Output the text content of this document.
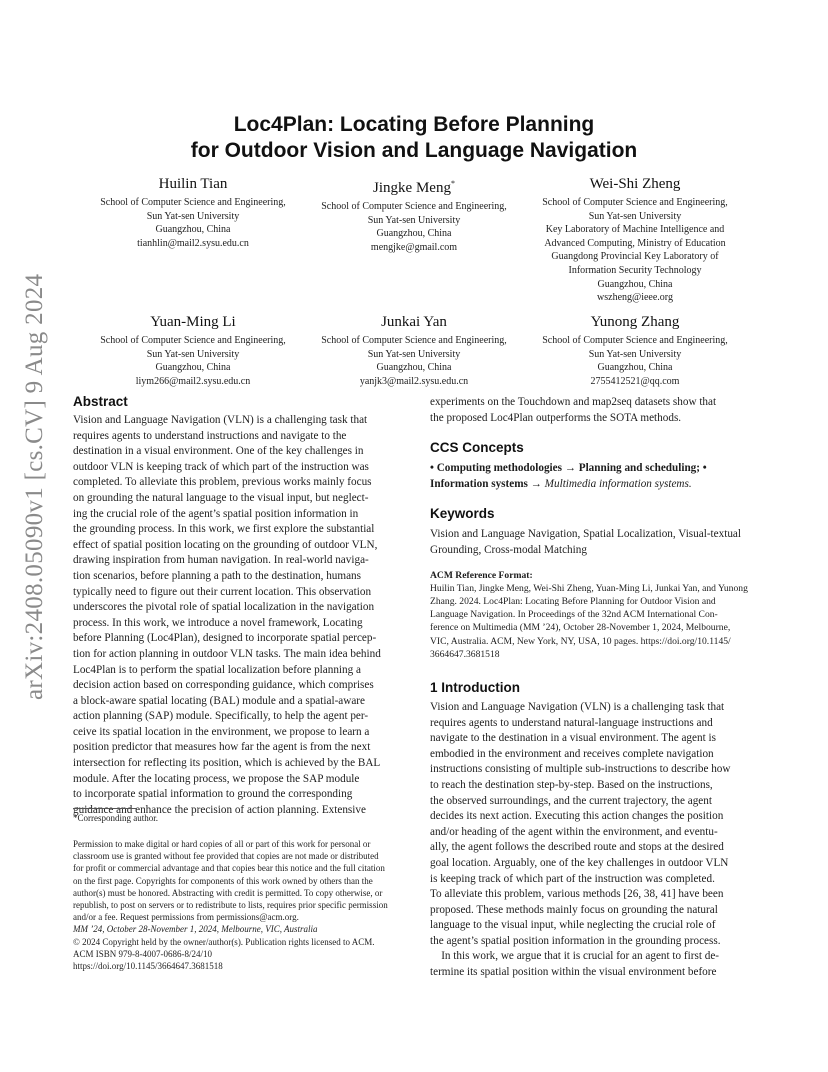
arXiv:2408.05090v1 [cs.CV] 9 Aug 2024
Loc4Plan: Locating Before Planning
for Outdoor Vision and Language Navigation
Huilin Tian
School of Computer Science and Engineering,
Sun Yat-sen University
Guangzhou, China
tianhlin@mail2.sysu.edu.cn
Jingke Meng*
School of Computer Science and Engineering,
Sun Yat-sen University
Guangzhou, China
mengjke@gmail.com
Wei-Shi Zheng
School of Computer Science and Engineering,
Sun Yat-sen University
Key Laboratory of Machine Intelligence and
Advanced Computing, Ministry of Education
Guangdong Provincial Key Laboratory of
Information Security Technology
Guangzhou, China
wszheng@ieee.org
Yuan-Ming Li
School of Computer Science and Engineering,
Sun Yat-sen University
Guangzhou, China
liym266@mail2.sysu.edu.cn
Junkai Yan
School of Computer Science and Engineering,
Sun Yat-sen University
Guangzhou, China
yanjk3@mail2.sysu.edu.cn
Yunong Zhang
School of Computer Science and Engineering,
Sun Yat-sen University
Guangzhou, China
2755412521@qq.com
Abstract

Vision and Language Navigation (VLN) is a challenging task that

requires agents to understand instructions and navigate to the

destination in a visual environment. One of the key challenges in

outdoor VLN is keeping track of which part of the instruction was

completed. To alleviate this problem, previous works mainly focus

on grounding the natural language to the visual input, but neglect-

ing the crucial role of the agent’s spatial position information in

the grounding process. In this work, we first explore the substantial

effect of spatial position locating on the grounding of outdoor VLN,

drawing inspiration from human navigation. In real-world naviga-

tion scenarios, before planning a path to the destination, humans

typically need to figure out their current location. This observation

underscores the pivotal role of spatial localization in the navigation

process. In this work, we introduce a novel framework, Locating

before Planning (Loc4Plan), designed to incorporate spatial percep-

tion for action planning in outdoor VLN tasks. The main idea behind

Loc4Plan is to perform the spatial localization before planning a

decision action based on corresponding guidance, which comprises

a block-aware spatial locating (BAL) module and a spatial-aware

action planning (SAP) module. Specifically, to help the agent per-

ceive its spatial location in the environment, we propose to learn a

position predictor that measures how far the agent is from the next

intersection for reflecting its position, which is achieved by the BAL

module. After the locating process, we propose the SAP module

to incorporate spatial information to ground the corresponding

guidance and enhance the precision of action planning. Extensive

*Corresponding author.

Permission to make digital or hard copies of all or part of this work for personal or

classroom use is granted without fee provided that copies are not made or distributed

for profit or commercial advantage and that copies bear this notice and the full citation

on the first page. Copyrights for components of this work owned by others than the

author(s) must be honored. Abstracting with credit is permitted. To copy otherwise, or

republish, to post on servers or to redistribute to lists, requires prior specific permission

and/or a fee. Request permissions from permissions@acm.org.

MM ’24, October 28-November 1, 2024, Melbourne, VIC, Australia

© 2024 Copyright held by the owner/author(s). Publication rights licensed to ACM.

ACM ISBN 979-8-4007-0686-8/24/10

https://doi.org/10.1145/3664647.3681518

experiments on the Touchdown and map2seq datasets show that

the proposed Loc4Plan outperforms the SOTA methods.

CCS Concepts

• Computing methodologies → Planning and scheduling; •

Information systems → Multimedia information systems.

Keywords

Vision and Language Navigation, Spatial Localization, Visual-textual

Grounding, Cross-modal Matching

ACM Reference Format:

Huilin Tian, Jingke Meng, Wei-Shi Zheng, Yuan-Ming Li, Junkai Yan, and Yunong

Zhang. 2024. Loc4Plan: Locating Before Planning for Outdoor Vision and

Language Navigation. In Proceedings of the 32nd ACM International Con-

ference on Multimedia (MM ’24), October 28-November 1, 2024, Melbourne,

VIC, Australia. ACM, New York, NY, USA, 10 pages. https://doi.org/10.1145/

3664647.3681518

1 Introduction

Vision and Language Navigation (VLN) is a challenging task that

requires agents to understand natural-language instructions and

navigate to the destination in a visual environment. The agent is

embodied in the environment and receives complete navigation

instructions consisting of multiple sub-instructions to describe how

to reach the destination step-by-step. Based on the instructions,

the observed surroundings, and the current trajectory, the agent

decides its next action. Executing this action changes the position

and/or heading of the agent within the environment, and eventu-

ally, the agent follows the described route and stops at the desired

goal location. Arguably, one of the key challenges in outdoor VLN

is keeping track of which part of the instruction was completed.

To alleviate this problem, various methods [26, 38, 41] have been

proposed. These methods mainly focus on grounding the natural

language to the visual input, while neglecting the crucial role of

the agent’s spatial position information in the grounding process.

In this work, we argue that it is crucial for an agent to first de-

termine its spatial position within the visual environment before
